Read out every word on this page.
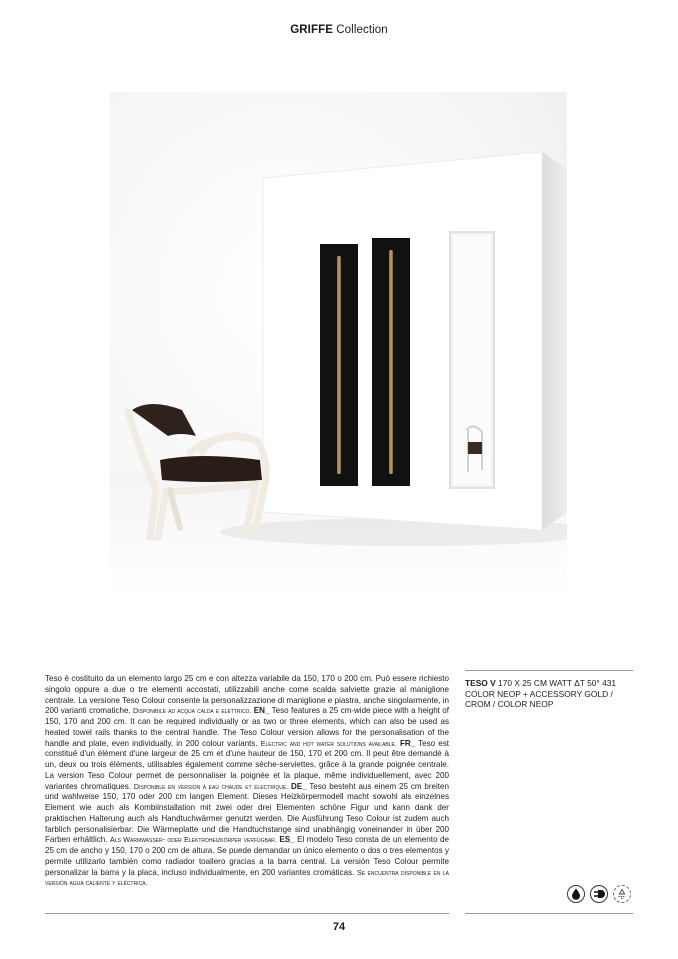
GRIFFE Collection
Teso è costituito da un elemento largo 25 cm e con altezza variabile da 150, 170 o 200 cm. Può essere richiesto singolo oppure a due o tre elementi accostati, utilizzabili anche come scalda salviette grazie al maniglione centrale. La versione Teso Colour consente la personalizzazione di maniglione e piastra, anche singolarmente, in 200 varianti cromatiche. Disponibile ad acqua calda e elettrico. EN_ Teso features a 25 cm-wide piece with a height of 150, 170 and 200 cm. It can be required individually or as two or three elements, which can also be used as heated towel rails thanks to the central handle. The Teso Colour version allows for the personalisation of the handle and plate, even individually, in 200 colour variants. Electric and hot water solutions available. FR_ Teso est constitué d'un élément d'une largeur de 25 cm et d'une hauteur de 150, 170 et 200 cm. Il peut être demandé à un, deux ou trois éléments, utilisables également comme sèche-serviettes, grâce à la grande poignée centrale. La version Teso Colour permet de personnaliser la poignée et la plaque, même individuellement, avec 200 variantes chromatiques. Disponible en version à eau chaude et électrique. DE_ Teso besteht aus einem 25 cm breiten und wahlweise 150, 170 oder 200 cm langen Element. Dieses Heizkörpermodell macht sowohl als einzelnes Element wie auch als Kombiinstallation mit zwei oder drei Elementen schöne Figur und kann dank der praktischen Halterung auch als Handtuchwärmer genutzt werden. Die Ausführung Teso Colour ist zudem auch farblich personalisierbar: Die Wärmeplatte und die Handtuchstange sind unabhängig voneinander in über 200 Farben erhältlich. Als Warmwasser- oder Elektroheizkörper verfügbar. ES_ El modelo Teso consta de un elemento de 25 cm de ancho y 150, 170 o 200 cm de altura. Se puede demandar un único elemento o dos o tres elementos y permite utilizarlo también como radiador toallero gracias a la barra central. La versión Teso Colour permite personalizar la barra y la placa, incluso individualmente, en 200 variantes cromáticas. Se encuentra disponible en la versión agua caliente y eléctrica.
TESO V 170 X 25 CM WATT ΔT 50° 431
COLOR NEOP + ACCESSORY GOLD /
CROM / COLOR NEOP
74
